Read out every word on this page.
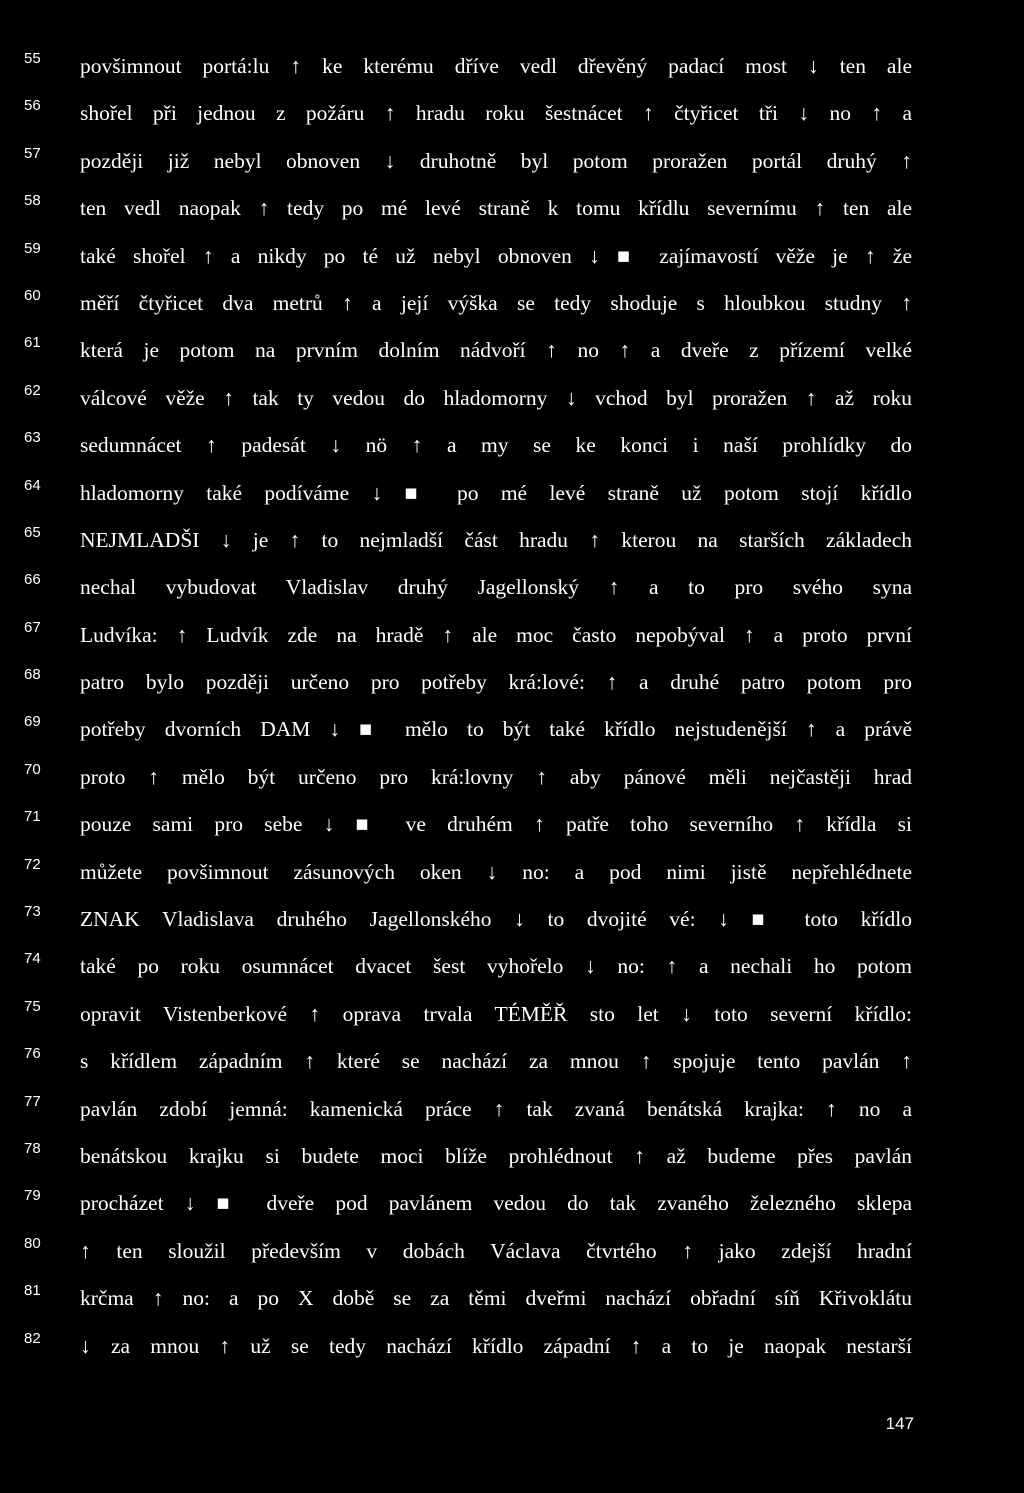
55 povšimnout portá:lu ↑ ke kterému dříve vedl dřevěný padací most ↓ ten ale
56 shořel při jednou z požáru ↑ hradu roku šestnácet ↑ čtyřicet tři ↓ no ↑ a
57 později již nebyl obnoven ↓ druhotně byl potom proražen portál druhý ↑
58 ten vedl naopak ↑ tedy po mé levé straně k tomu křídlu severnímu ↑ ten ale
59 také shořel ↑ a nikdy po té už nebyl obnoven ↓ ■ zajímavostí věže je ↑ že
60 měří čtyřicet dva metrů ↑ a její výška se tedy shoduje s hloubkou studny ↑
61 která je potom na prvním dolním nádvoří ↑ no ↑ a dveře z přízemí velké
62 válcové věže ↑ tak ty vedou do hladomorny ↓ vchod byl proražen ↑ až roku
63 sedumnácet ↑ padesát ↓ nö ↑ a my se ke konci i naší prohlídky do
64 hladomorny také podíváme ↓ ■ po mé levé straně už potom stojí křídlo
65 NEJMLADŠI ↓ je ↑ to nejmladší část hradu ↑ kterou na starších základech
66 nechal vybudovat Vladislav druhý Jagellonský ↑ a to pro svého syna
67 Ludvíka: ↑ Ludvík zde na hradě ↑ ale moc často nepobýval ↑ a proto první
68 patro bylo později určeno pro potřeby krá:lové: ↑ a druhé patro potom pro
69 potřeby dvorních DAM ↓ ■ mělo to být také křídlo nejstudenější ↑ a právě
70 proto ↑ mělo být určeno pro krá:lovny ↑ aby pánové měli nejčastěji hrad
71 pouze sami pro sebe ↓ ■ ve druhém ↑ patře toho severního ↑ křídla si
72 můžete povšimnout zásunových oken ↓ no: a pod nimi jistě nepřehlédnete
73 ZNAK Vladislava druhého Jagellonského ↓ to dvojité vé: ↓ ■ toto křídlo
74 také po roku osumnácet dvacet šest vyhořelo ↓ no: ↑ a nechali ho potom
75 opravit Vistenberkové ↑ oprava trvala TÉMĚŘ sto let ↓ toto severní křídlo:
76 s křídlem západním ↑ které se nachází za mnou ↑ spojuje tento pavlán ↑
77 pavlán zdobí jemná: kamenická práce ↑ tak zvaná benátská krajka: ↑ no a
78 benátskou krajku si budete moci blíže prohlédnout ↑ až budeme přes pavlán
79 procházet ↓ ■ dveře pod pavlánem vedou do tak zvaného železného sklepa
80 ↑ ten sloužil především v dobách Václava čtvrtého ↑ jako zdejší hradní
81 krčma ↑ no: a po X době se za těmi dveřmi nachází obřadní síň Křivoklátu
82 ↓ za mnou ↑ už se tedy nachází křídlo západní ↑ a to je naopak nestarší
147
